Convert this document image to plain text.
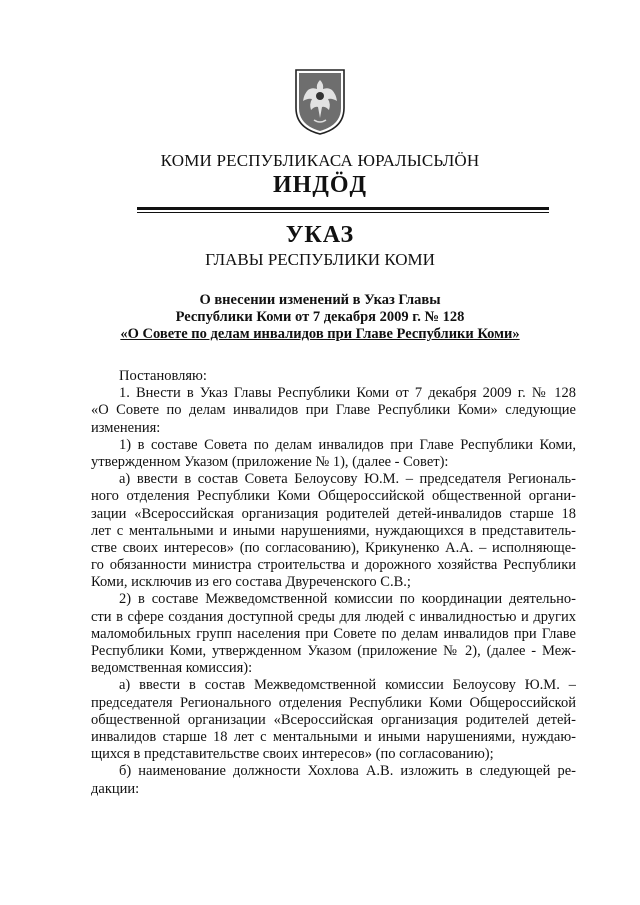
КОМИ РЕСПУБЛИКАСА ЮРАЛЫСЬЛӦН
ИНДӦД
УКАЗ
ГЛАВЫ РЕСПУБЛИКИ КОМИ
О внесении изменений в Указ Главы
Республики Коми от 7 декабря 2009 г. № 128
«О Совете по делам инвалидов при Главе Республики Коми»
Постановляю:
1. Внести в Указ Главы Республики Коми от 7 декабря 2009 г. № 128
«О Совете по делам инвалидов при Главе Республики Коми» следующие
изменения:
1) в составе Совета по делам инвалидов при Главе Республики Коми,
утвержденном Указом (приложение № 1), (далее - Совет):
а) ввести в состав Совета Белоусову Ю.М. – председателя Региональ-
ного отделения Республики Коми Общероссийской общественной органи-
зации «Всероссийская организация родителей детей-инвалидов старше 18
лет с ментальными и иными нарушениями, нуждающихся в представитель-
стве своих интересов» (по согласованию), Крикуненко А.А. – исполняюще-
го обязанности министра строительства и дорожного хозяйства Республики
Коми, исключив из его состава Двуреченского С.В.;
2) в составе Межведомственной комиссии по координации деятельно-
сти в сфере создания доступной среды для людей с инвалидностью и других
маломобильных групп населения при Совете по делам инвалидов при Главе
Республики Коми, утвержденном Указом (приложение № 2), (далее - Меж-
ведомственная комиссия):
а) ввести в состав Межведомственной комиссии Белоусову Ю.М. –
председателя Регионального отделения Республики Коми Общероссийской
общественной организации «Всероссийская организация родителей детей-
инвалидов старше 18 лет с ментальными и иными нарушениями, нуждаю-
щихся в представительстве своих интересов» (по согласованию);
б) наименование должности Хохлова А.В. изложить в следующей ре-
дакции:
